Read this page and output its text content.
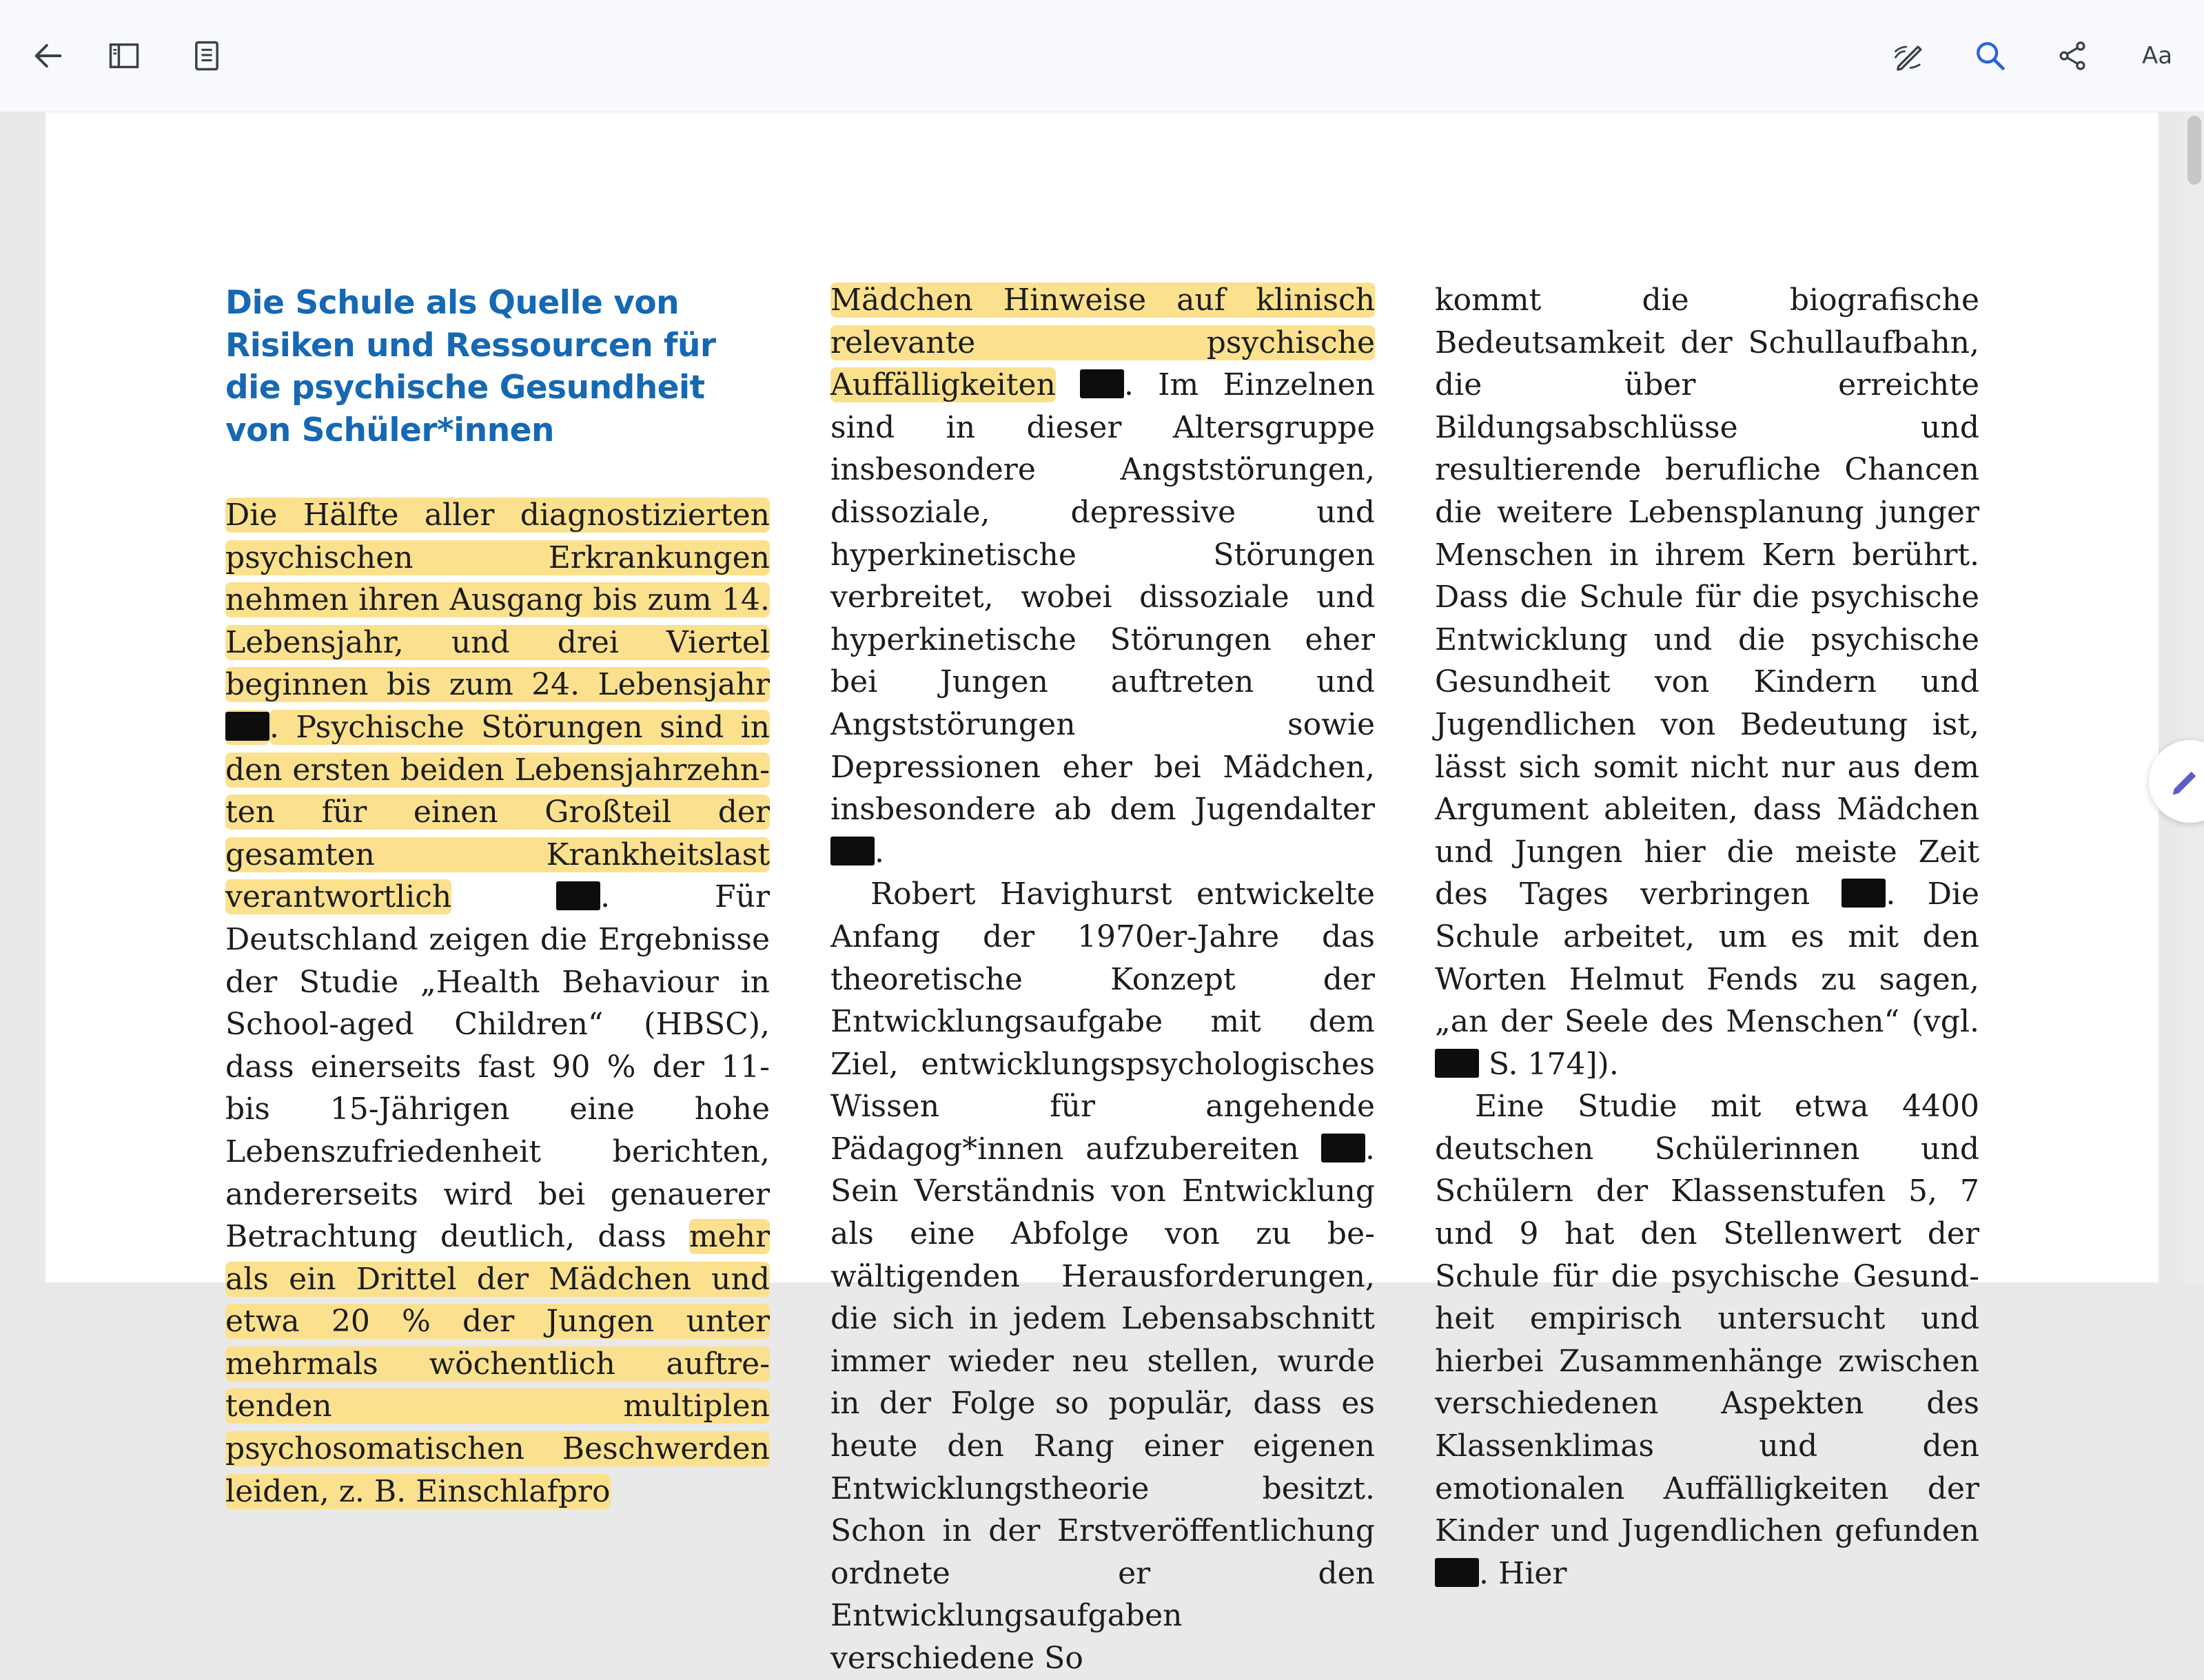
Aa
Die Schule als Quelle von Risiken und Ressourcen für die psychische Gesundheit von Schüler*innen

Die Hälfte aller diagnostizierten psychischen Erkrankungen nehmen ihren Ausgang bis zum 14. Lebensjahr, und drei Viertel beginnen bis zum 24. Lebensjahr . Psychische Störungen sind in den ersten beiden Lebensjahrzehnten für einen Großteil der gesamten Krankheitslast verantwortlich	. Für Deutschland zeigen die Ergebnisse der Studie „Health Behaviour in School-aged Children“ (HBSC), dass einerseits fast 90 % der 11- bis 15-Jährigen eine hohe Lebenszufriedenheit berichten, andererseits wird bei genauerer Betrachtung deutlich, dass mehr als ein Drittel der Mädchen und etwa 20 % der Jungen unter mehrmals wöchentlich auftretenden multiplen psychosomatischen Beschwerden leiden, z. B. Einschlafpro

Mädchen Hinweise auf klinisch relevante psychische Auffälligkeiten . Im Einzelnen sind in dieser Altersgruppe insbesondere Angststörungen, dissoziale, depressive und hyperkinetische Störungen verbreitet, wobei dissoziale und hyperkinetische Störungen eher bei Jungen auftreten und Angststörungen sowie Depressionen eher bei Mädchen, insbesondere ab dem Jugendalter .

Robert Havighurst entwickelte Anfang der 1970er-Jahre das theoretische Konzept der Entwicklungsaufgabe mit dem Ziel, entwicklungspsychologisches Wissen für angehende Pädagog*innen aufzubereiten . Sein Verständnis von Entwicklung als eine Abfolge von zu bewältigenden Herausforderungen, die sich in jedem Lebensabschnitt immer wieder neu stellen, wurde in der Folge so populär, dass es heute den Rang einer eigenen Entwicklungstheorie besitzt. Schon in der Erstveröffentlichung ordnete er den Entwicklungsaufgaben verschiedene So

kommt die biografische Bedeutsamkeit der Schullaufbahn, die über erreichte Bildungsabschlüsse und resultierende berufliche Chancen die weitere Lebensplanung junger Menschen in ihrem Kern berührt. Dass die Schule für die psychische Entwicklung und die psychische Gesundheit von Kindern und Jugendlichen von Bedeutung ist, lässt sich somit nicht nur aus dem Argument ableiten, dass Mädchen und Jungen hier die meiste Zeit des Tages verbringen . Die Schule arbeitet, um es mit den Worten Helmut Fends zu sagen, „an der Seele des Menschen“ (vgl.  S. 174]).

Eine Studie mit etwa 4400 deutschen Schülerinnen und Schülern der Klassenstufen 5, 7 und 9 hat den Stellenwert der Schule für die psychische Gesundheit empirisch untersucht und hierbei Zusammenhänge zwischen verschiedenen Aspekten des Klassenklimas und den emotionalen Auffälligkeiten der Kinder und Jugendlichen gefunden . Hier
